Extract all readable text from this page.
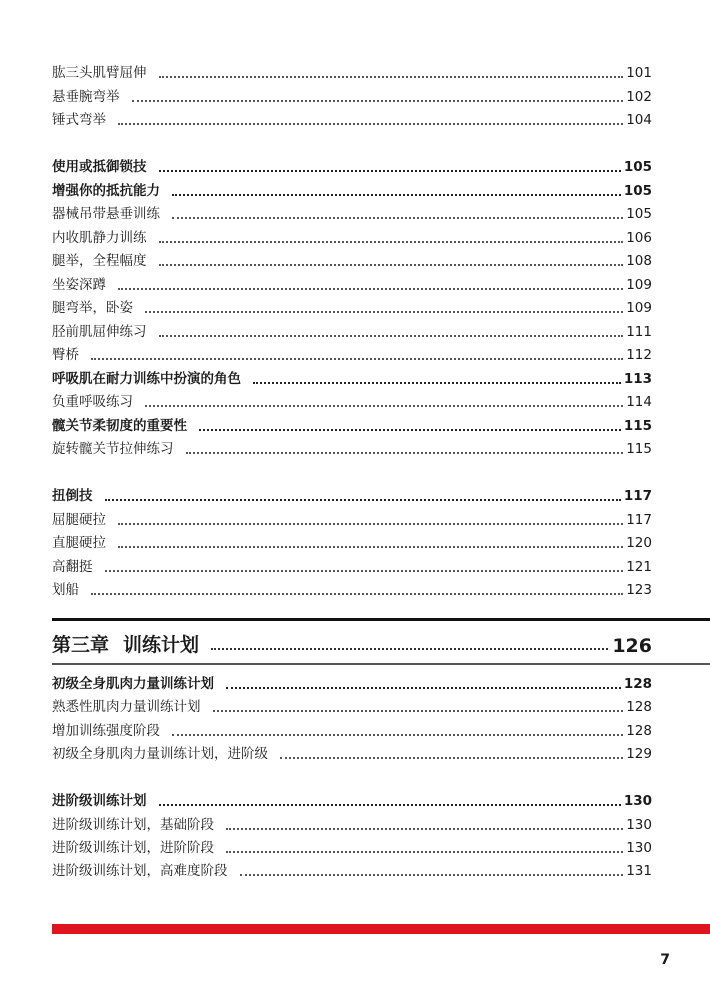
肱三头肌臂屈伸	101
悬垂腕弯举	102
锤式弯举	104
使用或抵御锁技	105
增强你的抵抗能力	105
器械吊带悬垂训练	105
内收肌静力训练	106
腿举，全程幅度	108
坐姿深蹲	109
腿弯举，卧姿	109
胫前肌屈伸练习	111
臀桥	112
呼吸肌在耐力训练中扮演的角色	113
负重呼吸练习	114
髋关节柔韧度的重要性	115
旋转髋关节拉伸练习	115
扭倒技	117
屈腿硬拉	117
直腿硬拉	120
高翻挺	121
划船	123
第三章 训练计划	126
初级全身肌肉力量训练计划	128
熟悉性肌肉力量训练计划	128
增加训练强度阶段	128
初级全身肌肉力量训练计划，进阶级	129
进阶级训练计划	130
进阶级训练计划，基础阶段	130
进阶级训练计划，进阶阶段	130
进阶级训练计划，高难度阶段	131
7
